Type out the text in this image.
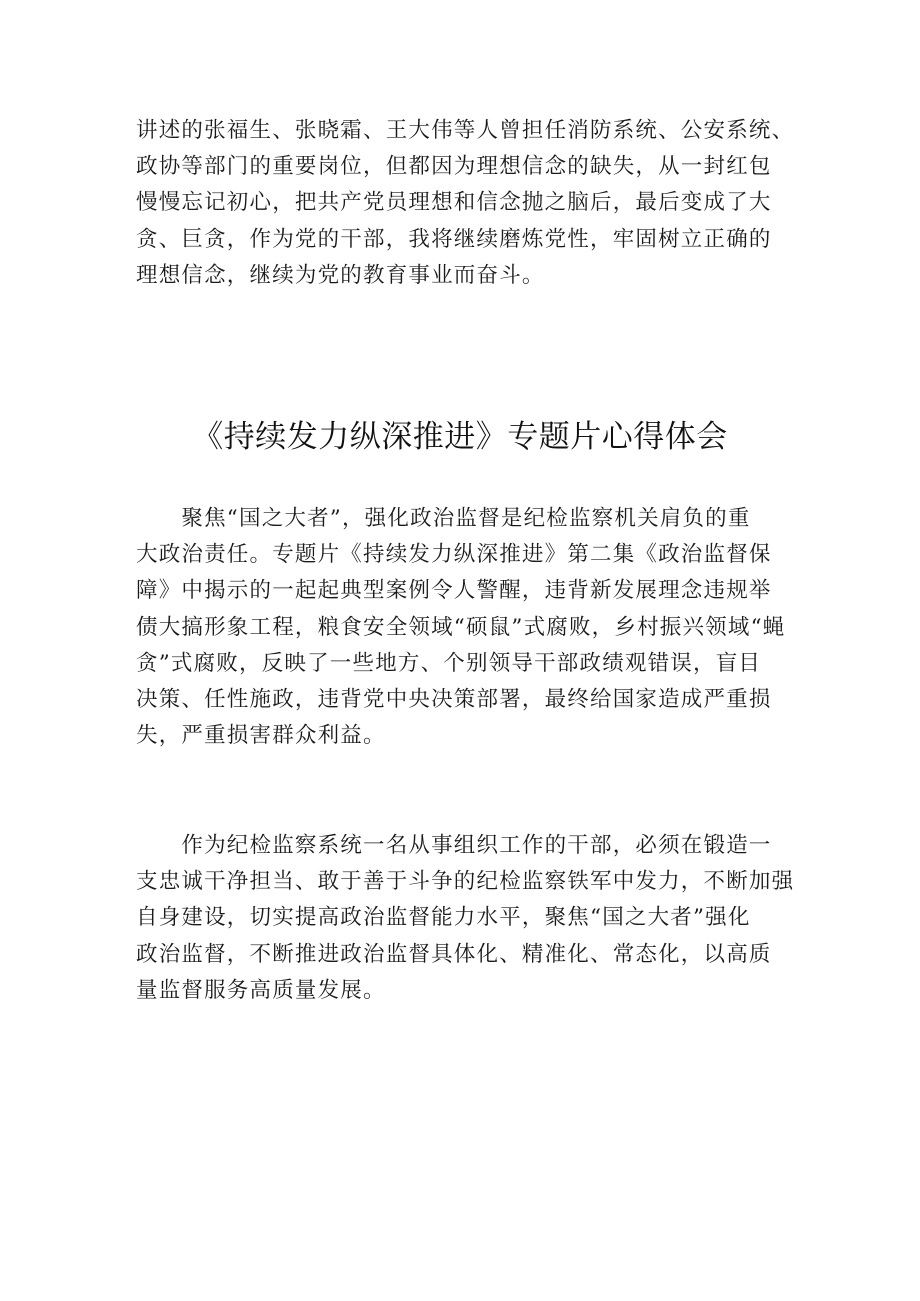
讲述的张福生、张晓霜、王大伟等人曾担任消防系统、公安系统、
政协等部门的重要岗位，但都因为理想信念的缺失，从一封红包
慢慢忘记初心，把共产党员理想和信念抛之脑后，最后变成了大
贪、巨贪，作为党的干部，我将继续磨炼党性，牢固树立正确的
理想信念，继续为党的教育事业而奋斗。
《持续发力纵深推进》专题片心得体会
　　聚焦“国之大者”，强化政治监督是纪检监察机关肩负的重
大政治责任。专题片《持续发力纵深推进》第二集《政治监督保
障》中揭示的一起起典型案例令人警醒，违背新发展理念违规举
债大搞形象工程，粮食安全领域“硕鼠”式腐败，乡村振兴领域“蝇
贪”式腐败，反映了一些地方、个别领导干部政绩观错误，盲目
决策、任性施政，违背党中央决策部署，最终给国家造成严重损
失，严重损害群众利益。
　　作为纪检监察系统一名从事组织工作的干部，必须在锻造一
支忠诚干净担当、敢于善于斗争的纪检监察铁军中发力，不断加强
自身建设，切实提高政治监督能力水平，聚焦“国之大者”强化
政治监督，不断推进政治监督具体化、精准化、常态化，以高质
量监督服务高质量发展。
